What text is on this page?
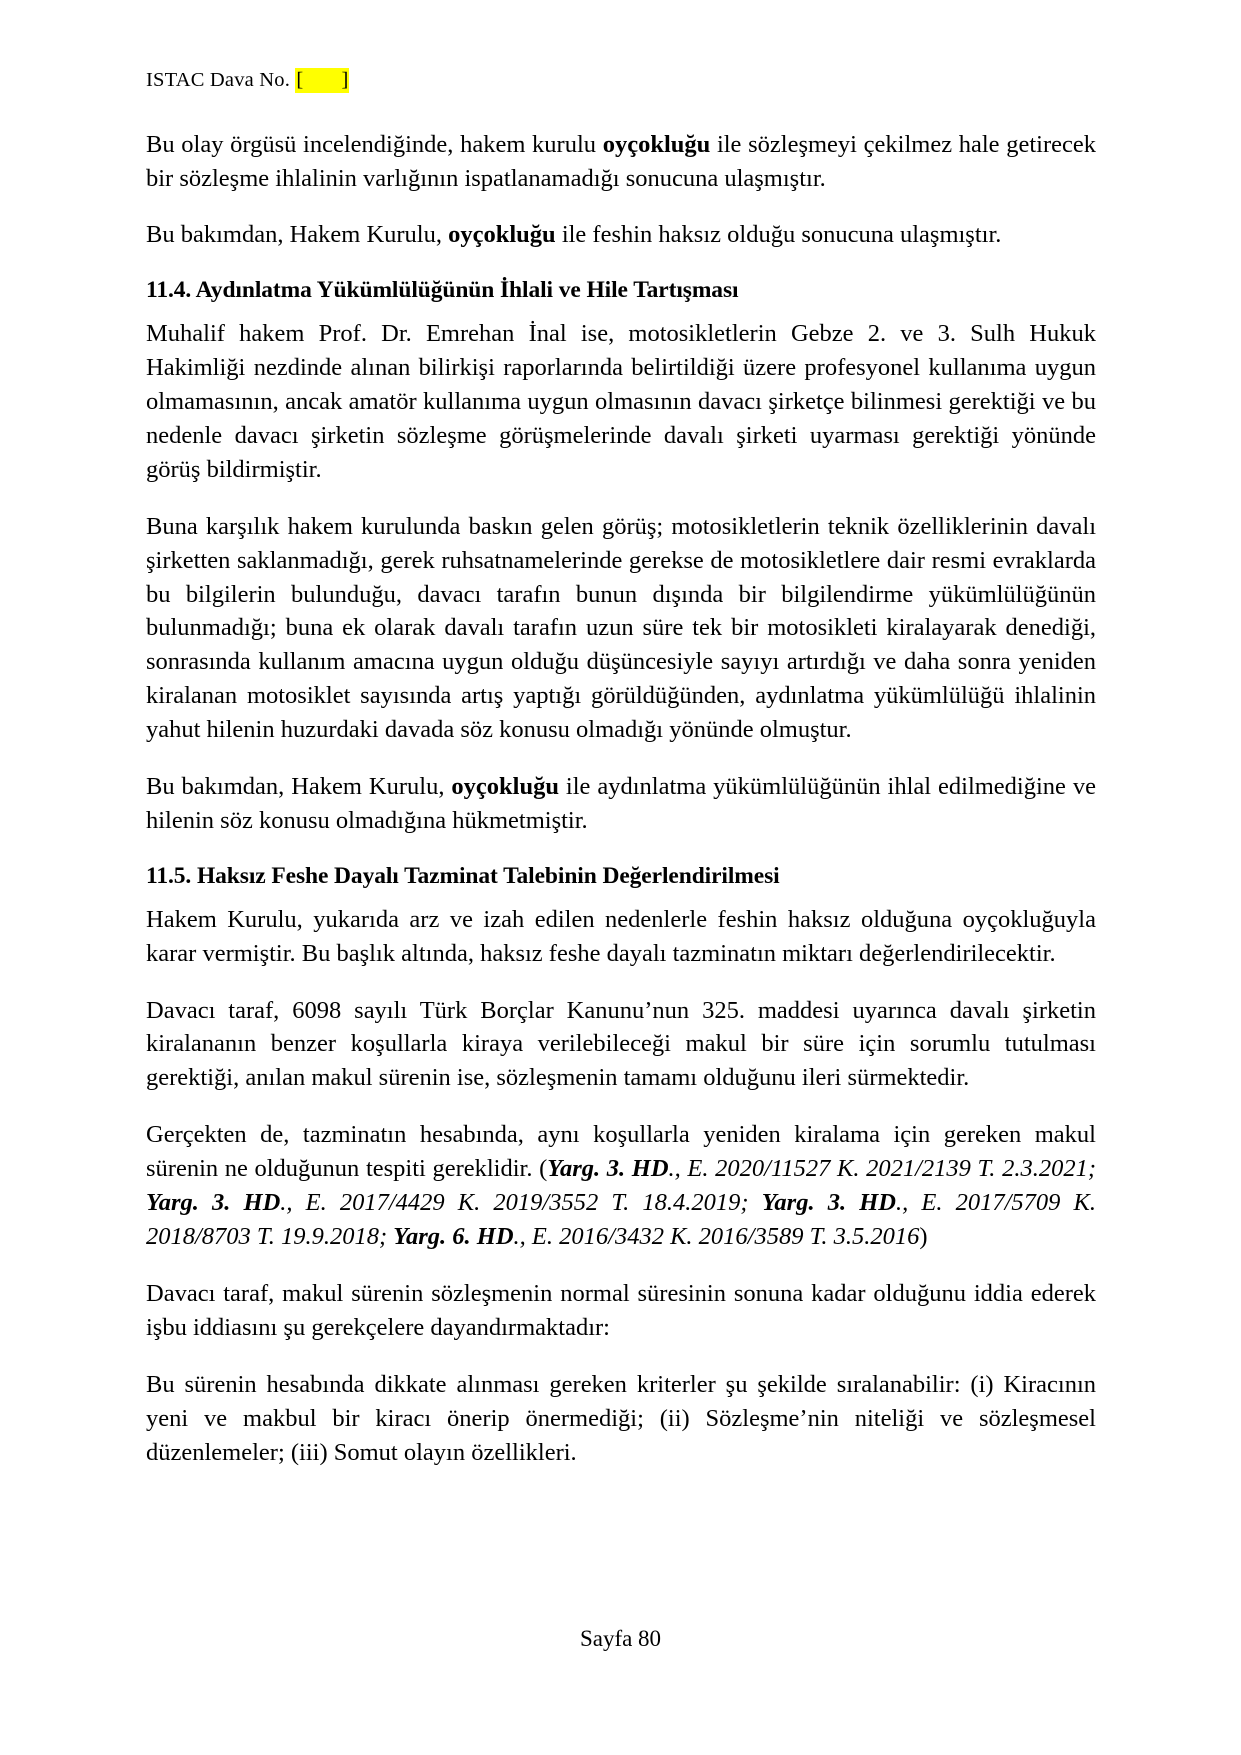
ISTAC Dava No. [ ]

Bu olay örgüsü incelendiğinde, hakem kurulu oyçokluğu ile sözleşmeyi çekilmez hale getirecek bir sözleşme ihlalinin varlığının ispatlanamadığı sonucuna ulaşmıştır.

Bu bakımdan, Hakem Kurulu, oyçokluğu ile feshin haksız olduğu sonucuna ulaşmıştır.

11.4. Aydınlatma Yükümlülüğünün İhlali ve Hile Tartışması

Muhalif hakem Prof. Dr. Emrehan İnal ise, motosikletlerin Gebze 2. ve 3. Sulh Hukuk Hakimliği nezdinde alınan bilirkişi raporlarında belirtildiği üzere profesyonel kullanıma uygun olmamasının, ancak amatör kullanıma uygun olmasının davacı şirketçe bilinmesi gerektiği ve bu nedenle davacı şirketin sözleşme görüşmelerinde davalı şirketi uyarması gerektiği yönünde görüş bildirmiştir.

Buna karşılık hakem kurulunda baskın gelen görüş; motosikletlerin teknik özelliklerinin davalı şirketten saklanmadığı, gerek ruhsatnamelerinde gerekse de motosikletlere dair resmi evraklarda bu bilgilerin bulunduğu, davacı tarafın bunun dışında bir bilgilendirme yükümlülüğünün bulunmadığı; buna ek olarak davalı tarafın uzun süre tek bir motosikleti kiralayarak denediği, sonrasında kullanım amacına uygun olduğu düşüncesiyle sayıyı artırdığı ve daha sonra yeniden kiralanan motosiklet sayısında artış yaptığı görüldüğünden, aydınlatma yükümlülüğü ihlalinin yahut hilenin huzurdaki davada söz konusu olmadığı yönünde olmuştur.

Bu bakımdan, Hakem Kurulu, oyçokluğu ile aydınlatma yükümlülüğünün ihlal edilmediğine ve hilenin söz konusu olmadığına hükmetmiştir.

11.5. Haksız Feshe Dayalı Tazminat Talebinin Değerlendirilmesi

Hakem Kurulu, yukarıda arz ve izah edilen nedenlerle feshin haksız olduğuna oyçokluğuyla karar vermiştir. Bu başlık altında, haksız feshe dayalı tazminatın miktarı değerlendirilecektir.

Davacı taraf, 6098 sayılı Türk Borçlar Kanunu’nun 325. maddesi uyarınca davalı şirketin kiralananın benzer koşullarla kiraya verilebileceği makul bir süre için sorumlu tutulması gerektiği, anılan makul sürenin ise, sözleşmenin tamamı olduğunu ileri sürmektedir.

Gerçekten de, tazminatın hesabında, aynı koşullarla yeniden kiralama için gereken makul sürenin ne olduğunun tespiti gereklidir. (Yarg. 3. HD., E. 2020/11527 K. 2021/2139 T. 2.3.2021; Yarg. 3. HD., E. 2017/4429 K. 2019/3552 T. 18.4.2019; Yarg. 3. HD., E. 2017/5709 K. 2018/8703 T. 19.9.2018; Yarg. 6. HD., E. 2016/3432 K. 2016/3589 T. 3.5.2016)

Davacı taraf, makul sürenin sözleşmenin normal süresinin sonuna kadar olduğunu iddia ederek işbu iddiasını şu gerekçelere dayandırmaktadır:

Bu sürenin hesabında dikkate alınması gereken kriterler şu şekilde sıralanabilir: (i) Kiracının yeni ve makbul bir kiracı önerip önermediği; (ii) Sözleşme’nin niteliği ve sözleşmesel düzenlemeler; (iii) Somut olayın özellikleri.

Sayfa 80
